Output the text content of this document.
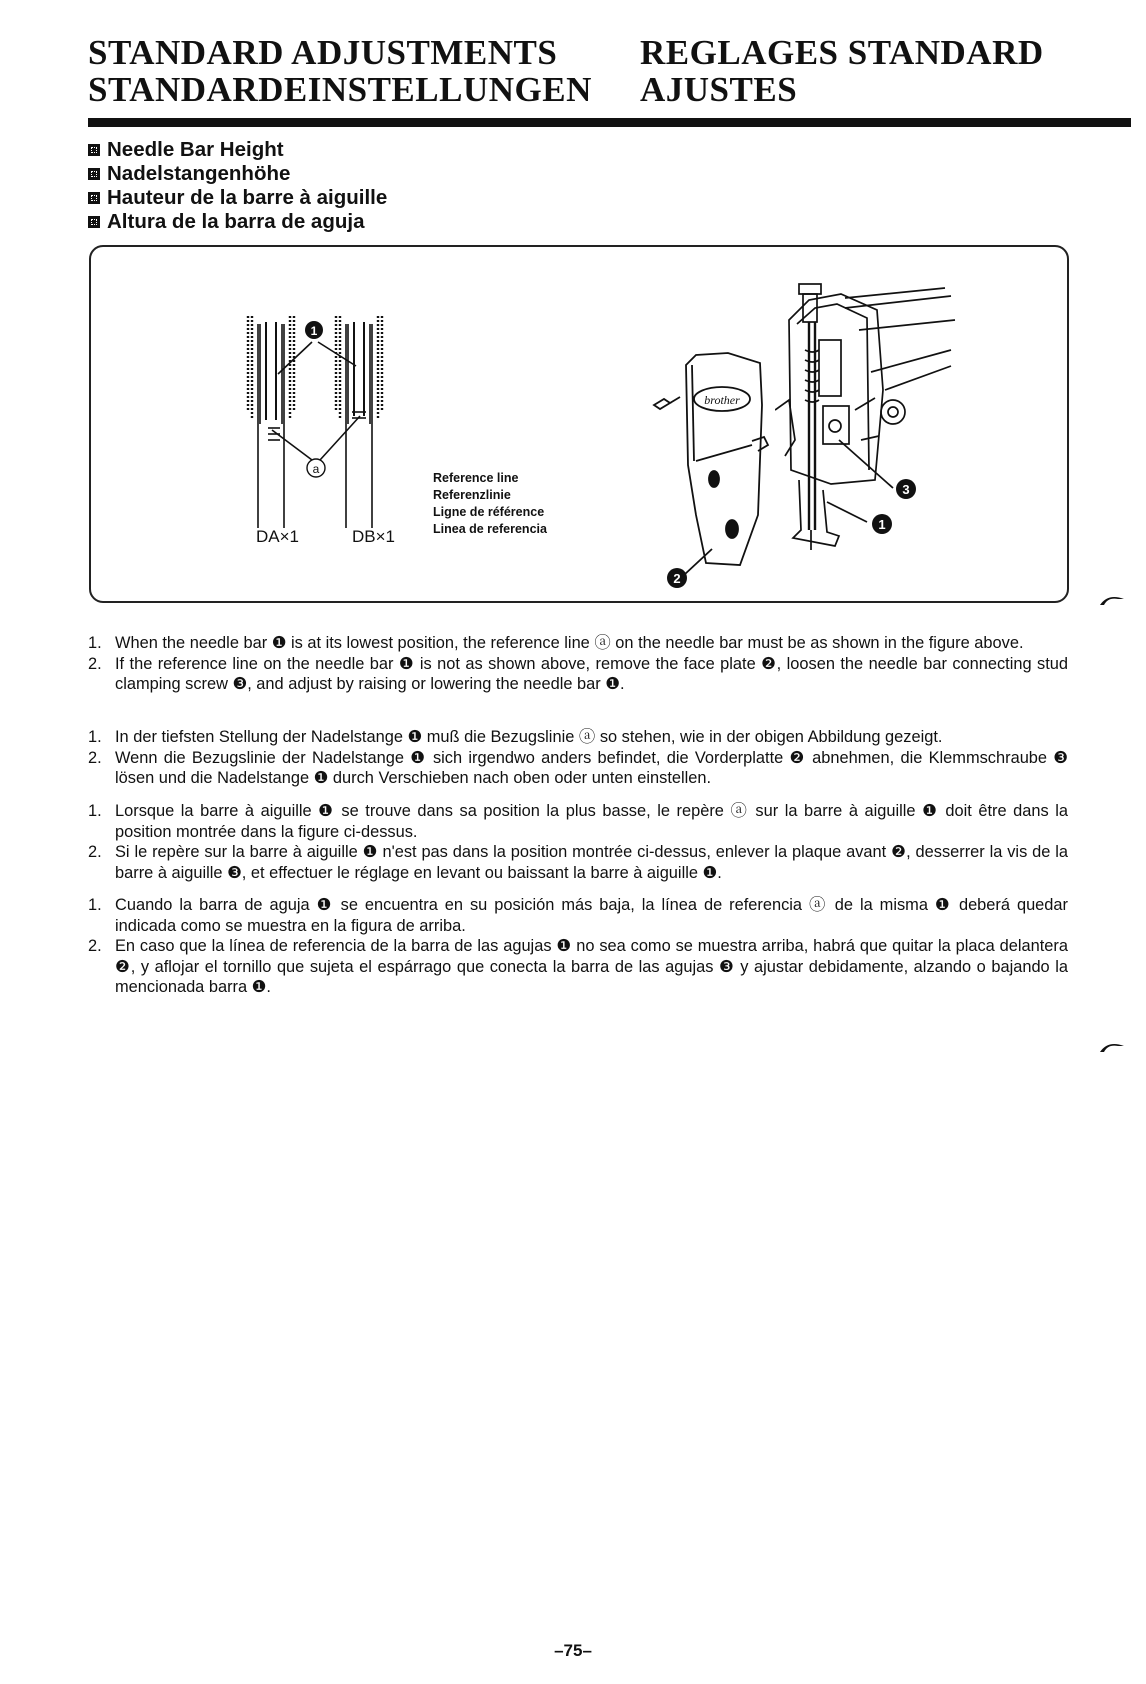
STANDARD ADJUSTMENTS
STANDARDEINSTELLUNGEN
REGLAGES STANDARD
AJUSTES
Needle Bar Height
Nadelstangenhöhe
Hauteur de la barre à aiguille
Altura de la barra de aguja
1
a
DA×1	DB×1
Reference line
Referenzlinie
Ligne de référence
Linea de referencia
brother
2
3
1
1. When the needle bar ❶ is at its lowest position, the reference line ⓐ on the needle bar must be as shown in the figure above.
2. If the reference line on the needle bar ❶ is not as shown above, remove the face plate ❷, loosen the needle bar connecting stud clamping screw ❸, and adjust by raising or lowering the needle bar ❶.
1. In der tiefsten Stellung der Nadelstange ❶ muß die Bezugslinie ⓐ so stehen, wie in der obigen Abbildung gezeigt.
2. Wenn die Bezugslinie der Nadelstange ❶ sich irgendwo anders befindet, die Vorderplatte ❷ abnehmen, die Klemmschraube ❸ lösen und die Nadelstange ❶ durch Verschieben nach oben oder unten einstellen.
1. Lorsque la barre à aiguille ❶ se trouve dans sa position la plus basse, le repère ⓐ sur la barre à aiguille ❶ doit être dans la position montrée dans la figure ci-dessus.
2. Si le repère sur la barre à aiguille ❶ n'est pas dans la position montrée ci-dessus, enlever la plaque avant ❷, desserrer la vis de la barre à aiguille ❸, et effectuer le réglage en levant ou baissant la barre à aiguille ❶.
1. Cuando la barra de aguja ❶ se encuentra en su posición más baja, la línea de referencia ⓐ de la misma ❶ deberá quedar indicada como se muestra en la figura de arriba.
2. En caso que la línea de referencia de la barra de las agujas ❶ no sea como se muestra arriba, habrá que quitar la placa delantera ❷, y aflojar el tornillo que sujeta el espárrago que conecta la barra de las agujas ❸ y ajustar debidamente, alzando o bajando la mencionada barra ❶.
–75–
